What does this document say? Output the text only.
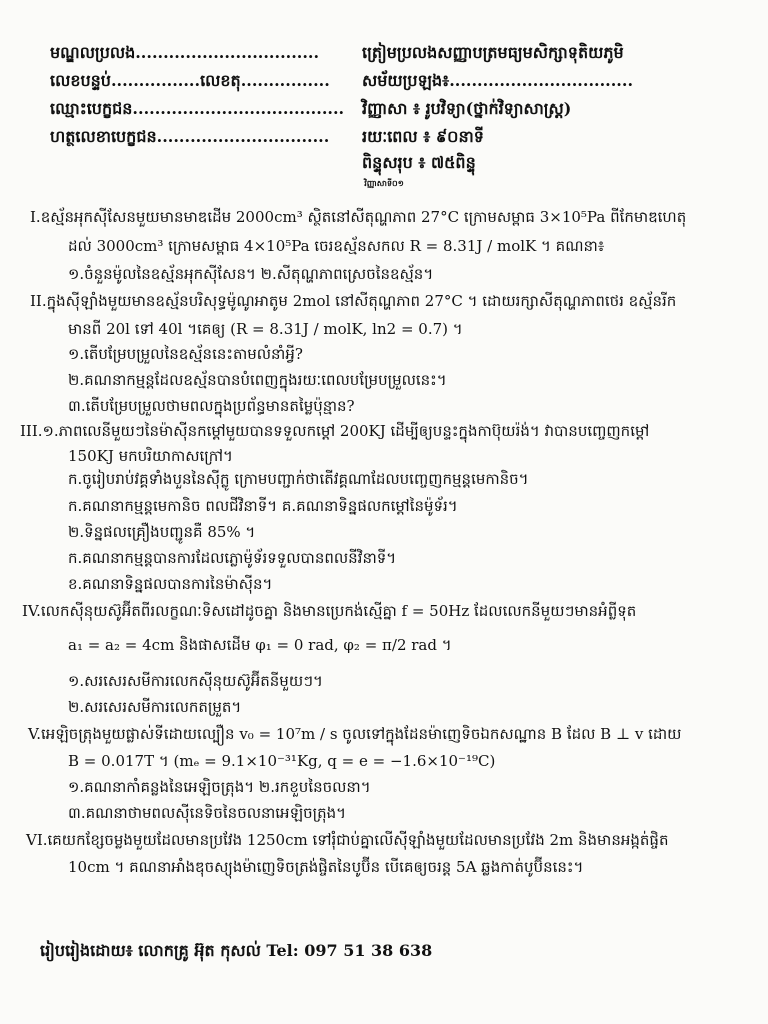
មណ្ឌលប្រលង.................................
លេខបន្ទប់................លេខតុ................
ឈ្មោះបេក្ខជន......................................
ហត្ថលេខាបេក្ខជន...............................
ត្រៀមប្រលងសញ្ញាបត្រមធ្យមសិក្សាទុតិយភូមិ
សម័យប្រឡង៖.................................
វិញ្ញាសា ៖ រូបវិទ្យា(ថ្នាក់វិទ្យាសាស្ត្រ)
រយៈពេល ៖ ៩០នាទី
ពិន្ទុសរុប ៖ ៧៥ពិន្ទុ
វិញ្ញាសាទី០១
I.ឧស្ម័នអុកស៊ីសែនមួយមានមាឌដើម 2000cm³ ស្ថិតនៅសីតុណ្ហភាព 27°C ក្រោមសម្ពាធ 3×10⁵Pa ពីកែមាឌហេតុ
ដល់ 3000cm³ ក្រោមសម្ពាធ 4×10⁵Pa ចេរឧស្ម័នសកល R = 8.31J / molK ។ គណនា៖
១.ចំនួនម៉ូលនៃឧស្ម័នអុកស៊ីសែន។ ២.សីតុណ្ហភាពស្រេចនៃឧស្ម័ន។
II.ក្នុងស៊ីឡាំងមួយមានឧស្ម័នបរិសុទ្ធម៉ូណូអាតូម 2mol នៅសីតុណ្ហភាព 27°C ។ ដោយរក្សាសីតុណ្ហភាពថេរ ឧស្ម័នរីក
មានពី 20l ទៅ 40l ។គេឲ្យ (R = 8.31J / molK, ln2 = 0.7) ។
១.តើបម្រែបម្រួលនៃឧស្ម័ននេះតាមលំនាំអ្វី?
២.គណនាកម្មន្តដែលឧស្ម័នបានបំពេញក្នុងរយៈពេលបម្រែបម្រួលនេះ។
៣.តើបម្រែបម្រួលថាមពលក្នុងប្រព័ន្ធមានតម្លៃប៉ុន្មាន?
III.១.ភាពលេនីមួយៗនៃម៉ាស៊ីនកម្ដៅមួយបានទទួលកម្ដៅ 200KJ ដើម្បីឲ្យបន្ទះក្នុងកាប៊ុយរ៉ង់។ វាបានបញ្ចេញកម្ដៅ
150KJ មកបរិយាកាសក្រៅ។
ក.ចូរៀបរាប់វគ្គទាំងបួននៃស៊ីក្លូ ក្រោមបញ្ជាក់ថាតើវគ្គណាដែលបញ្ចេញកម្មន្តមេកានិច។
ក.គណនាកម្មន្តមេកានិច ពលជីវិនាទី។ គ.គណនាទិន្នផលកម្ដៅនៃម៉ូទ័រ។
២.ទិន្នផលគ្រឿងបញ្ជូនគឺ 85% ។
ក.គណនាកម្មន្តបានការដែលភ្លោម៉ូទ័រទទួលបានពលនីវិនាទី។
ខ.គណនាទិន្នផលបានការនៃម៉ាស៊ីន។
IV.លេកស៊ីនុយស៊ូអ៊ីតពីរលក្ខណៈទិសដៅដូចគ្នា និងមានប្រេកង់ស្មើគ្នា f = 50Hz ដែលលេកនីមួយៗមានអំព្លីទុត
a₁ = a₂ = 4cm និងផាសដើម φ₁ = 0 rad, φ₂ = π/2 rad ។
១.សរសេរសមីការលេកស៊ីនុយស៊ូអ៊ីតនីមួយៗ។
២.សរសេរសមីការលេកតម្រួត។
V.អេឡិចត្រុងមួយផ្លាស់ទីដោយល្បឿន v₀ = 10⁷m / s ចូលទៅក្នុងដែនម៉ាញេទិចឯកសណ្ឋាន B ដែល B ⊥ v ដោយ
B = 0.017T ។ (mₑ = 9.1×10⁻³¹Kg, q = e = −1.6×10⁻¹⁹C)
១.គណនាកាំគន្លងនៃអេឡិចត្រុង។ ២.រកខួបនៃចលនា។
៣.គណនាថាមពលស៊ីនេទិចនៃចលនាអេឡិចត្រុង។
VI.គេយកខ្សែចម្លងមួយដែលមានប្រវែង 1250cm ទៅរុំជាប់គ្នាលើស៊ីឡាំងមួយដែលមានប្រវែង 2m និងមានអង្កត់ផ្ចិត
10cm ។ គណនាអាំងឌុចស្យុងម៉ាញេទិចត្រង់ផ្ចិតនៃបូប៊ីន បើគេឲ្យចរន្ត 5A ឆ្លងកាត់បូប៊ីននេះ។
រៀបរៀងដោយ៖ លោកគ្រូ អ៊ុត កុសល់ Tel: 097 51 38 638
